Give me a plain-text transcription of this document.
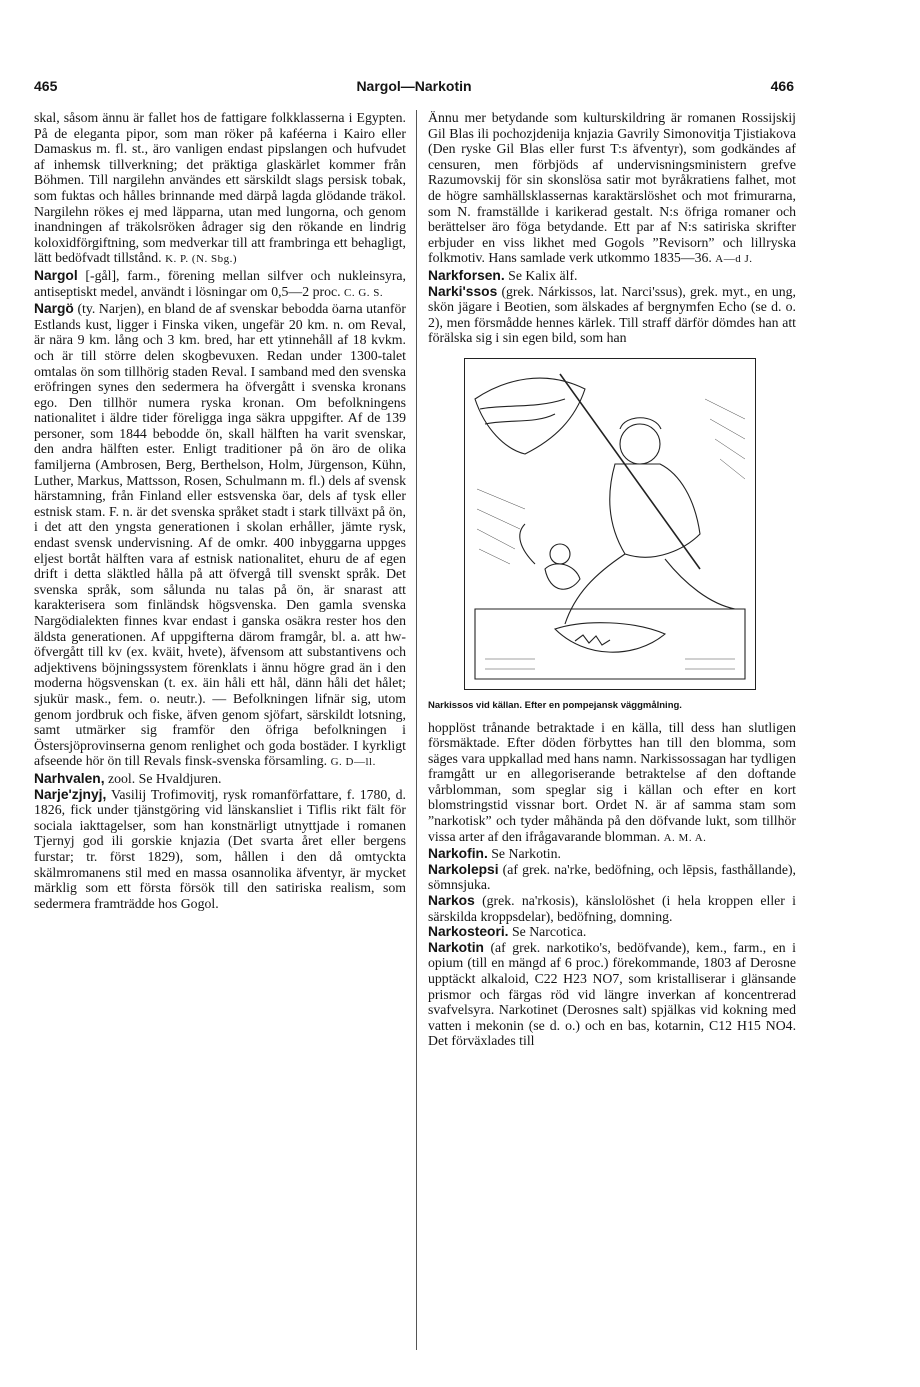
465	Nargol—Narkotin	466

skal, såsom ännu är fallet hos de fattigare folkklasserna i Egypten. På de eleganta pipor, som man röker på kaféerna i Kairo eller Damaskus m. fl. st., äro vanligen endast pipslangen och hufvudet af inhemsk tillverkning; det präktiga glaskärlet kommer från Böhmen. Till nargilehn användes ett särskildt slags persisk tobak, som fuktas och hålles brinnande med därpå lagda glödande träkol. Nargilehn rökes ej med läpparna, utan med lungorna, och genom inandningen af träkolsröken ådrager sig den rökande en lindrig koloxidförgiftning, som medverkar till att frambringa ett behagligt, lätt bedöfvadt tillstånd. K. P. (N. Sbg.)

Nargol [-gål], farm., förening mellan silfver och nukleinsyra, antiseptiskt medel, användt i lösningar om 0,5—2 proc. C. G. S.

Nargö (ty. Narjen), en bland de af svenskar bebodda öarna utanför Estlands kust, ligger i Finska viken, ungefär 20 km. n. om Reval, är nära 9 km. lång och 3 km. bred, har ett ytinnehåll af 18 kvkm. och är till större delen skogbevuxen. Redan under 1300-talet omtalas ön som tillhörig staden Reval. I samband med den svenska eröfringen synes den sedermera ha öfvergått i svenska kronans ego. Den tillhör numera ryska kronan. Om befolkningens nationalitet i äldre tider föreligga inga säkra uppgifter. Af de 139 personer, som 1844 bebodde ön, skall hälften ha varit svenskar, den andra hälften ester. Enligt traditioner på ön äro de olika familjerna (Ambrosen, Berg, Berthelson, Holm, Jürgenson, Kühn, Luther, Markus, Mattsson, Rosen, Schulmann m. fl.) dels af svensk härstamning, från Finland eller estsvenska öar, dels af tysk eller estnisk stam. F. n. är det svenska språket stadt i stark tillväxt på ön, i det att den yngsta generationen i skolan erhåller, jämte rysk, endast svensk undervisning. Af de omkr. 400 inbyggarna uppges eljest bortåt hälften vara af estnisk nationalitet, ehuru de af egen drift i detta släktled hålla på att öfvergå till svenskt språk. Det svenska språk, som sålunda nu talas på ön, är snarast att karakterisera som finländsk högsvenska. Den gamla svenska Nargödialekten finnes kvar endast i ganska osäkra rester hos den äldsta generationen. Af uppgifterna därom framgår, bl. a. att hw- öfvergått till kv (ex. kväit, hvete), äfvensom att substantivens och adjektivens böjningssystem förenklats i ännu högre grad än i den moderna högsvenskan (t. ex. äin håli ett hål, dänn håli det hålet; sjukür mask., fem. o. neutr.). — Befolkningen lifnär sig, utom genom jordbruk och fiske, äfven genom sjöfart, särskildt lotsning, samt utmärker sig framför den öfriga befolkningen i Östersjöprovinserna genom renlighet och goda bostäder. I kyrkligt afseende hör ön till Revals finsk-svenska församling. G. D—ll.

Narhvalen, zool. Se Hvaldjuren.

Narje'zjnyj, Vasilij Trofimovitj, rysk romanförfattare, f. 1780, d. 1826, fick under tjänstgöring vid länskansliet i Tiflis rikt fält för sociala iakttagelser, som han konstnärligt utnyttjade i romanen Tjernyj god ili gorskie knjazia (Det svarta året eller bergens furstar; tr. först 1829), som, hållen i den då omtyckta skälmromanens stil med en massa osannolika äfventyr, är mycket märklig som ett första försök till den satiriska realism, som sedermera framträdde hos Gogol.

Ännu mer betydande som kulturskildring är romanen Rossijskij Gil Blas ili pochozjdenija knjazia Gavrily Simonovitja Tjistiakova (Den ryske Gil Blas eller furst T:s äfventyr), som godkändes af censuren, men förbjöds af undervisningsministern grefve Razumovskij för sin skonslösa satir mot byråkratiens falhet, mot de högre samhällsklassernas karaktärslöshet och mot frimurarna, som N. framställde i karikerad gestalt. N:s öfriga romaner och berättelser äro föga betydande. Ett par af N:s satiriska skrifter erbjuder en viss likhet med Gogols ”Revisorn” och lillryska folkmotiv. Hans samlade verk utkommo 1835—36. A—d J.

Narkforsen. Se Kalix älf.

Narki'ssos (grek. Nárkissos, lat. Narci'ssus), grek. myt., en ung, skön jägare i Beotien, som älskades af bergnymfen Echo (se d. o. 2), men försmådde hennes kärlek. Till straff därför dömdes han att förälska sig i sin egen bild, som han

Narkissos vid källan. Efter en pompejansk väggmålning.

hopplöst trånande betraktade i en källa, till dess han slutligen försmäktade. Efter döden förbyttes han till den blomma, som säges vara uppkallad med hans namn. Narkissossagan har tydligen framgått ur en allegoriserande betraktelse af den doftande vårblomman, som speglar sig i källan och efter en kort blomstringstid vissnar bort. Ordet N. är af samma stam som ”narkotisk” och tyder måhända på den döfvande lukt, som tillhör vissa arter af den ifrågavarande blomman. A. M. A.

Narkofin. Se Narkotin.

Narkolepsi (af grek. na'rke, bedöfning, och lēpsis, fasthållande), sömnsjuka.

Narkos (grek. na'rkosis), känslolöshet (i hela kroppen eller i särskilda kroppsdelar), bedöfning, domning.

Narkosteori. Se Narcotica.

Narkotin (af grek. narkotiko's, bedöfvande), kem., farm., en i opium (till en mängd af 6 proc.) förekommande, 1803 af Derosne upptäckt alkaloid, C22 H23 NO7, som kristalliserar i glänsande prismor och färgas röd vid längre inverkan af koncentrerad svafvelsyra. Narkotinet (Derosnes salt) spjälkas vid kokning med vatten i mekonin (se d. o.) och en bas, kotarnin, C12 H15 NO4. Det förväxlades till
